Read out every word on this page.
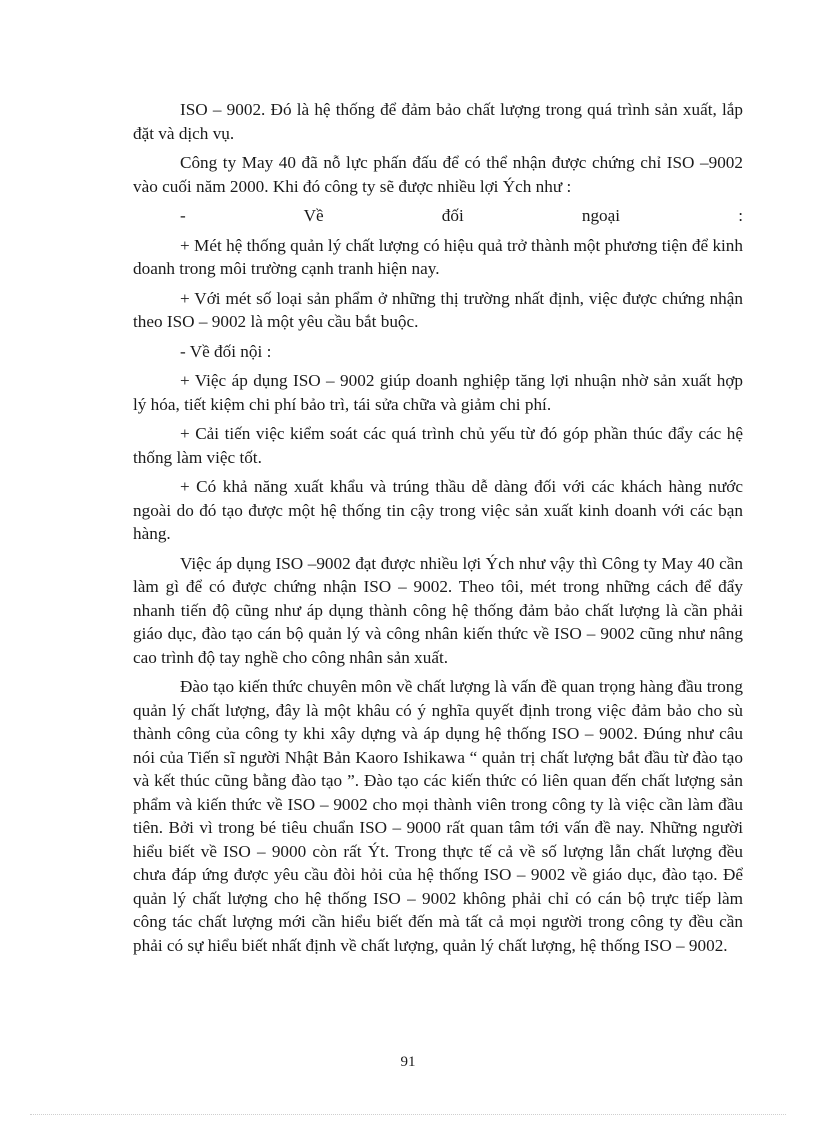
ISO – 9002. Đó là hệ thống để đảm bảo chất lượng trong quá trình sản xuất, lắp đặt và dịch vụ.

Công ty May 40 đã nỗ lực phấn đấu để có thể nhận được chứng chỉ ISO –9002 vào cuối năm 2000. Khi đó công ty sẽ được nhiều lợi Ých như :

- Về đối ngoại :

+ Mét hệ thống quản lý chất lượng có hiệu quả trở thành một phương tiện để kinh doanh trong môi trường cạnh tranh hiện nay.

+ Với mét số loại sản phẩm ở những thị trường nhất định, việc được chứng nhận theo ISO – 9002 là một yêu cầu bắt buộc.

- Về đối nội :

+ Việc áp dụng ISO – 9002 giúp doanh nghiệp tăng lợi nhuận nhờ sản xuất hợp lý hóa, tiết kiệm chi phí bảo trì, tái sửa chữa và giảm chi phí.

+ Cải tiến việc kiểm soát các quá trình chủ yếu từ đó góp phần thúc đẩy các hệ thống làm việc tốt.

+ Có khả năng xuất khẩu và trúng thầu dễ dàng đối với các khách hàng nước ngoài do đó tạo được một hệ thống tin cậy trong việc sản xuất kinh doanh với các bạn hàng.

Việc áp dụng ISO –9002 đạt được nhiều lợi Ých như vậy thì Công ty May 40 cần làm gì để có được chứng nhận ISO – 9002. Theo tôi, mét trong những cách để đẩy nhanh tiến độ cũng như áp dụng thành công hệ thống đảm bảo chất lượng là cần phải giáo dục, đào tạo cán bộ quản lý và công nhân kiến thức về ISO – 9002 cũng như nâng cao trình độ tay nghề cho công nhân sản xuất.

Đào tạo kiến thức chuyên môn về chất lượng là vấn đề quan trọng hàng đầu trong quản lý chất lượng, đây là một khâu có ý nghĩa quyết định trong việc đảm bảo cho sù thành công của công ty khi xây dựng và áp dụng hệ thống ISO – 9002. Đúng như câu nói của Tiến sĩ người Nhật Bản Kaoro Ishikawa “ quản trị chất lượng bắt đầu từ đào tạo và kết thúc cũng bằng đào tạo ”. Đào tạo các kiến thức có liên quan đến chất lượng sản phẩm và kiến thức về ISO – 9002 cho mọi thành viên trong công ty là việc cần làm đầu tiên. Bởi vì trong bé tiêu chuẩn ISO – 9000 rất quan tâm tới vấn đề nay. Những người hiểu biết về ISO – 9000 còn rất Ýt. Trong thực tế cả về số lượng lẫn chất lượng đều chưa đáp ứng được yêu cầu đòi hỏi của hệ thống ISO – 9002 về giáo dục, đào tạo. Để quản lý chất lượng cho hệ thống ISO – 9002 không phải chỉ có cán bộ trực tiếp làm công tác chất lượng mới cần hiểu biết đến mà tất cả mọi người trong công ty đều cần phải có sự hiểu biết nhất định về chất lượng, quản lý chất lượng, hệ thống ISO – 9002.

91
